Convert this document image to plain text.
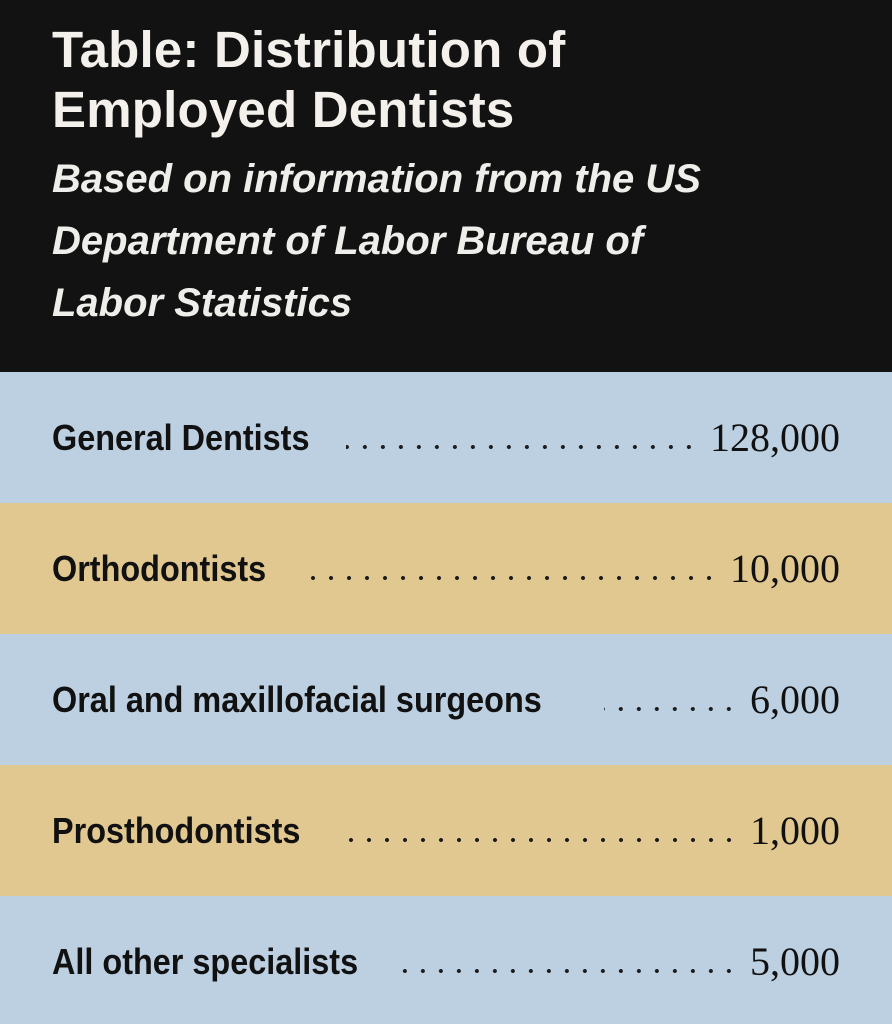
Table: Distribution of Employed Dentists
Based on information from the US Department of Labor Bureau of Labor Statistics
General Dentists	128,000
Orthodontists	10,000
Oral and maxillofacial surgeons	6,000
Prosthodontists	1,000
All other specialists	5,000
